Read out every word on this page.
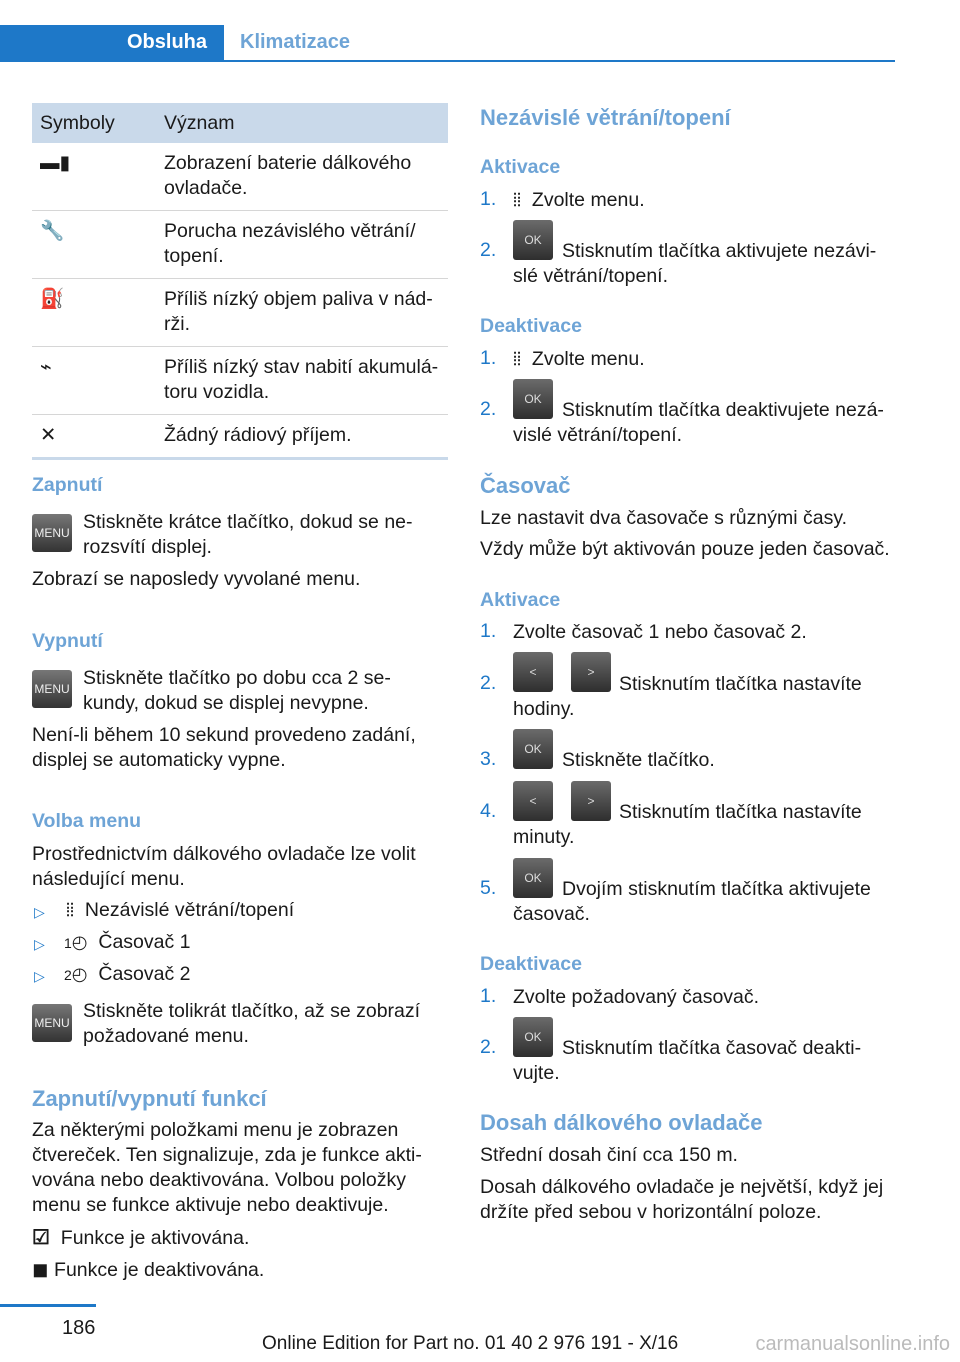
Obsluha	Klimatizace
Symboly	Význam
▬▮	Zobrazení baterie dálkového ovladače.
🔧	Porucha nezávislého větrání/ topení.
⛽	Příliš nízký objem paliva v nád- rži.
⌁	Příliš nízký stav nabití akumulá- toru vozidla.
✕	Žádný rádiový příjem.
Zapnutí
MENU Stiskněte krátce tlačítko, dokud se ne- rozsvítí displej.
Zobrazí se naposledy vyvolané menu.
Vypnutí
MENU Stiskněte tlačítko po dobu cca 2 se- kundy, dokud se displej nevypne.
Není-li během 10 sekund provedeno zadání, displej se automaticky vypne.
Volba menu
Prostřednictvím dálkového ovladače lze volit následující menu.
▷ ⦙⦙ Nezávislé větrání/topení
▷ 1◴ Časovač 1
▷ 2◴ Časovač 2
MENU
Stiskněte tolikrát tlačítko, až se zobrazí požadované menu.
Zapnutí/vypnutí funkcí
Za některými položkami menu je zobrazen čtvereček. Ten signalizuje, zda je funkce akti- vována nebo deaktivována. Volbou položky menu se funkce aktivuje nebo deaktivuje.
☑ Funkce je aktivována.
◼ Funkce je deaktivována.
Nezávislé větrání/topení
Aktivace
1. ⦙⦙ Zvolte menu.
2.	OK	Stisknutím tlačítka aktivujete nezávi- slé větrání/topení.
Deaktivace
1. ⦙⦙ Zvolte menu.
2.	OK	Stisknutím tlačítka deaktivujete nezá- vislé větrání/topení.
Časovač
Lze nastavit dva časovače s různými časy.
Vždy může být aktivován pouze jeden časovač.
Aktivace
1. Zvolte časovač 1 nebo časovač 2.
2.	<	>
Stisknutím tlačítka nastavíte hodiny.
3.	OK	Stiskněte tlačítko.
4.	<	>	Stisknutím tlačítka nastavíte minuty.
5.	OK	Dvojím stisknutím tlačítka aktivujete časovač.
Deaktivace
1. Zvolte požadovaný časovač.
2.	OK	Stisknutím tlačítka časovač deakti- vujte.
Dosah dálkového ovladače
Střední dosah činí cca 150 m.
Dosah dálkového ovladače je největší, když jej držíte před sebou v horizontální poloze.
186
Online Edition for Part no. 01 40 2 976 191 - X/16	carmanualsonline.info
